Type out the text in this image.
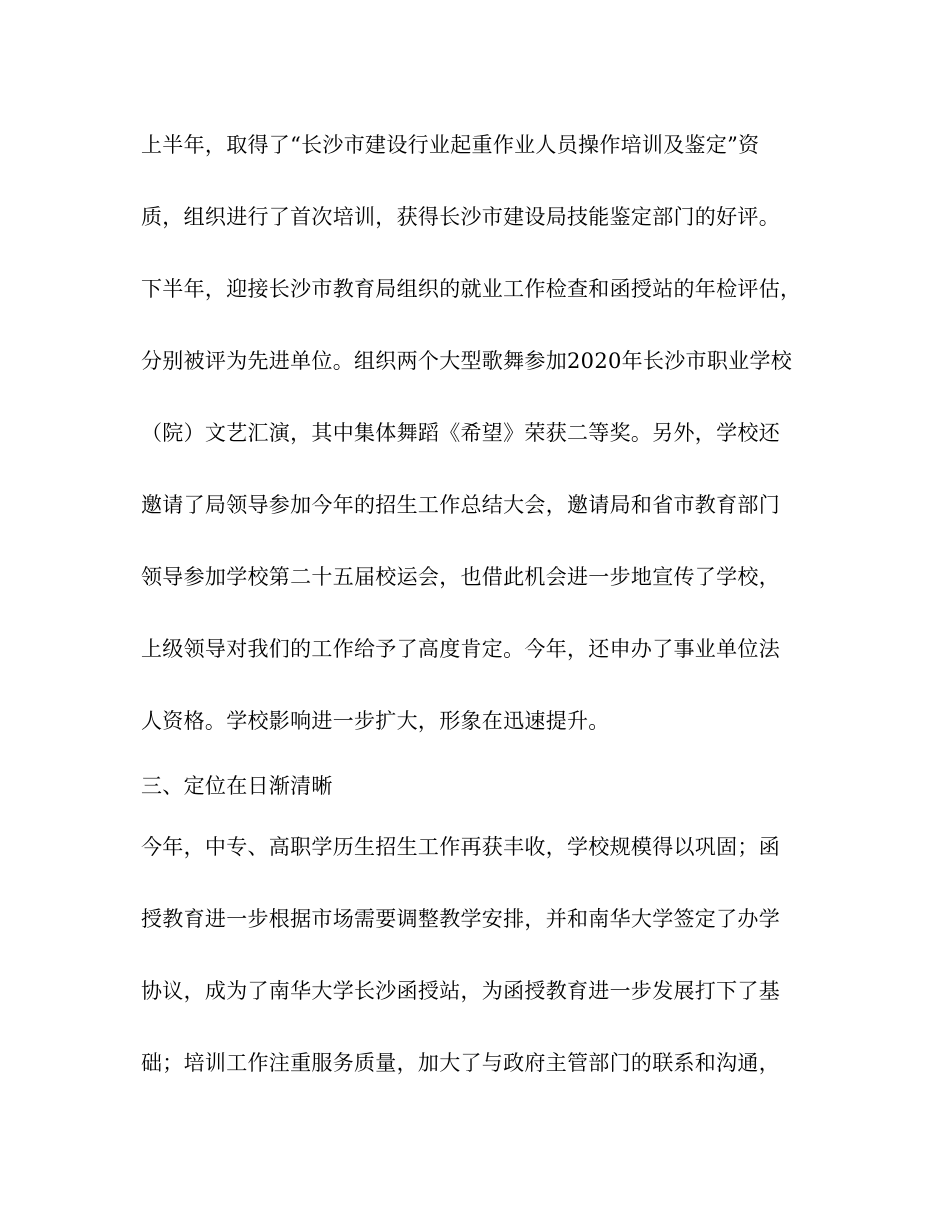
上半年，取得了“长沙市建设行业起重作业人员操作培训及鉴定”资

质，组织进行了首次培训，获得长沙市建设局技能鉴定部门的好评。

下半年，迎接长沙市教育局组织的就业工作检查和函授站的年检评估，

分别被评为先进单位。组织两个大型歌舞参加2020年长沙市职业学校

（院）文艺汇演，其中集体舞蹈《希望》荣获二等奖。另外，学校还

邀请了局领导参加今年的招生工作总结大会，邀请局和省市教育部门

领导参加学校第二十五届校运会，也借此机会进一步地宣传了学校，

上级领导对我们的工作给予了高度肯定。今年，还申办了事业单位法

人资格。学校影响进一步扩大，形象在迅速提升。

三、定位在日渐清晰

今年，中专、高职学历生招生工作再获丰收，学校规模得以巩固；函

授教育进一步根据市场需要调整教学安排，并和南华大学签定了办学

协议，成为了南华大学长沙函授站，为函授教育进一步发展打下了基

础；培训工作注重服务质量，加大了与政府主管部门的联系和沟通，
